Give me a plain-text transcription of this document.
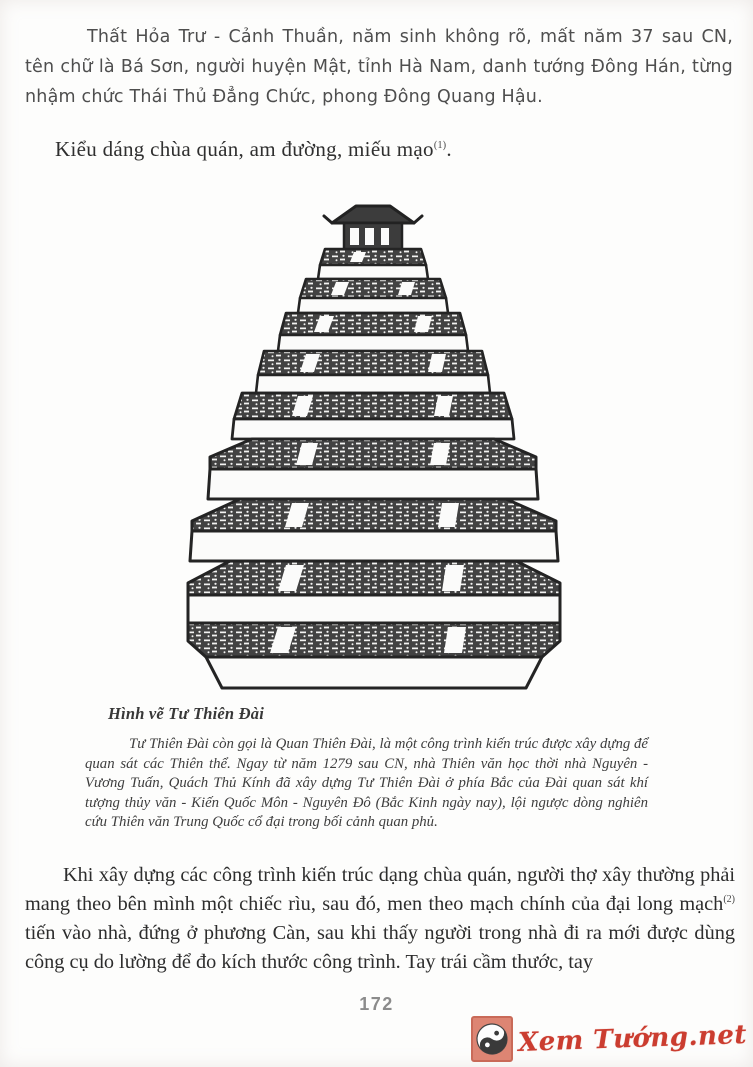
Thất Hỏa Trư - Cảnh Thuần, năm sinh không rõ, mất năm 37 sau CN, tên chữ là Bá Sơn, người huyện Mật, tỉnh Hà Nam, danh tướng Đông Hán, từng nhậm chức Thái Thủ Đẳng Chức, phong Đông Quang Hậu.

Kiểu dáng chùa quán, am đường, miếu mạo$^{(1)}$.

Hình vẽ Tư Thiên Đài

Tư Thiên Đài còn gọi là Quan Thiên Đài, là một công trình kiến trúc được xây dựng để quan sát các Thiên thể. Ngay từ năm 1279 sau CN, nhà Thiên văn học thời nhà Nguyên - Vương Tuấn, Quách Thủ Kính đã xây dựng Tư Thiên Đài ở phía Bắc của Đài quan sát khí tượng thủy văn - Kiến Quốc Môn - Nguyên Đô (Bắc Kinh ngày nay), lội ngược dòng nghiên cứu Thiên văn Trung Quốc cổ đại trong bối cảnh quan phủ.

Khi xây dựng các công trình kiến trúc dạng chùa quán, người thợ xây thường phải mang theo bên mình một chiếc rìu, sau đó, men theo mạch chính của đại long mạch$^{(2)}$ tiến vào nhà, đứng ở phương Càn, sau khi thấy người trong nhà đi ra mới được dùng công cụ do lường để đo kích thước công trình. Tay trái cầm thước, tay

172
Xem Tướng.net
